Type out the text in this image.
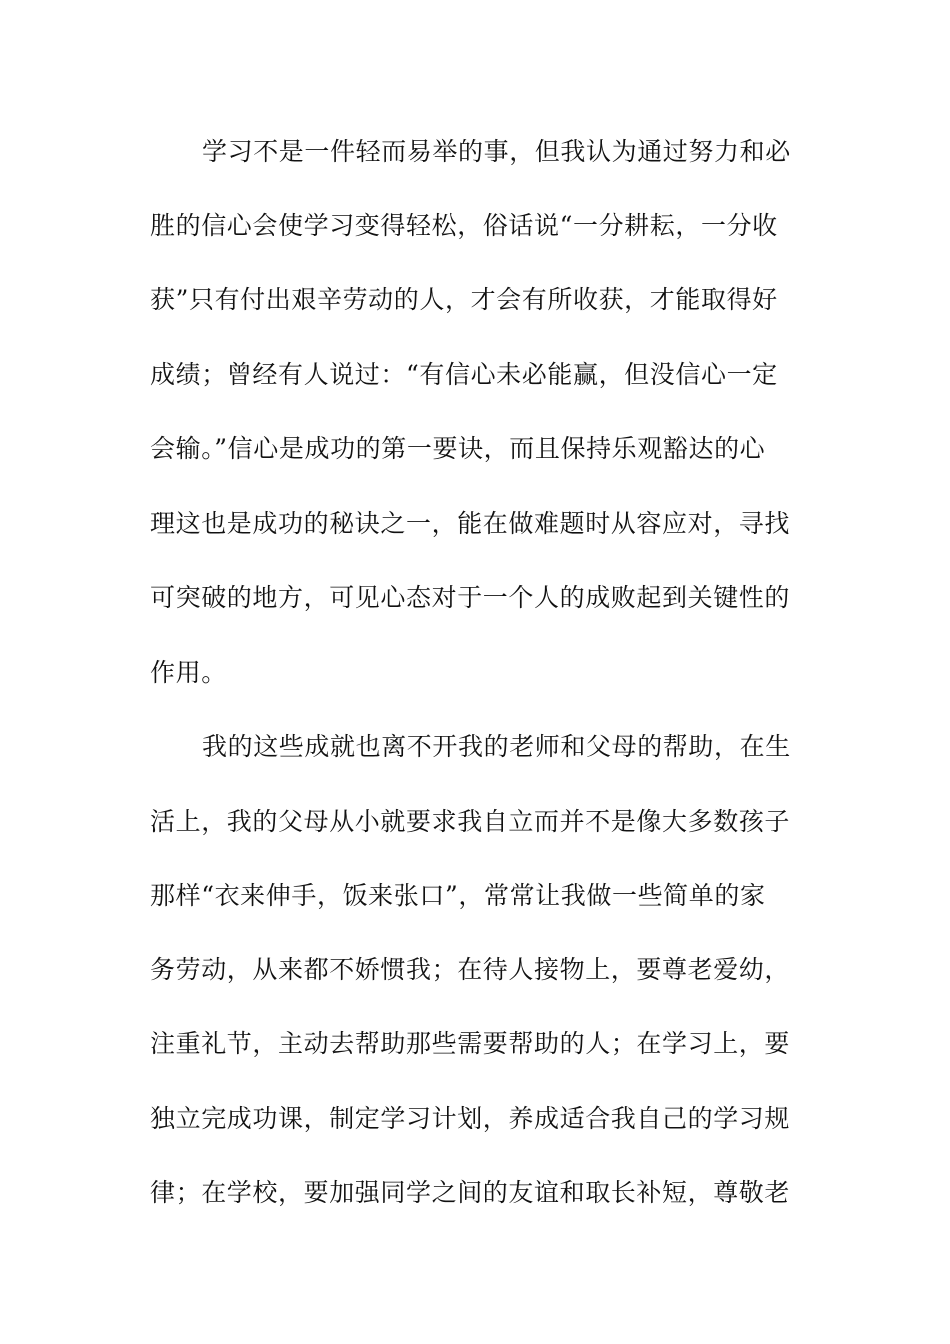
学习不是一件轻而易举的事，但我认为通过努力和必
胜的信心会使学习变得轻松，俗话说“一分耕耘，一分收
获”只有付出艰辛劳动的人，才会有所收获，才能取得好
成绩；曾经有人说过：“有信心未必能赢，但没信心一定
会输。”信心是成功的第一要诀，而且保持乐观豁达的心
理这也是成功的秘诀之一，能在做难题时从容应对，寻找
可突破的地方，可见心态对于一个人的成败起到关键性的
作用。
我的这些成就也离不开我的老师和父母的帮助，在生
活上，我的父母从小就要求我自立而并不是像大多数孩子
那样“衣来伸手，饭来张口”，常常让我做一些简单的家
务劳动，从来都不娇惯我；在待人接物上，要尊老爱幼，
注重礼节，主动去帮助那些需要帮助的人；在学习上，要
独立完成功课，制定学习计划，养成适合我自己的学习规
律；在学校，要加强同学之间的友谊和取长补短，尊敬老
